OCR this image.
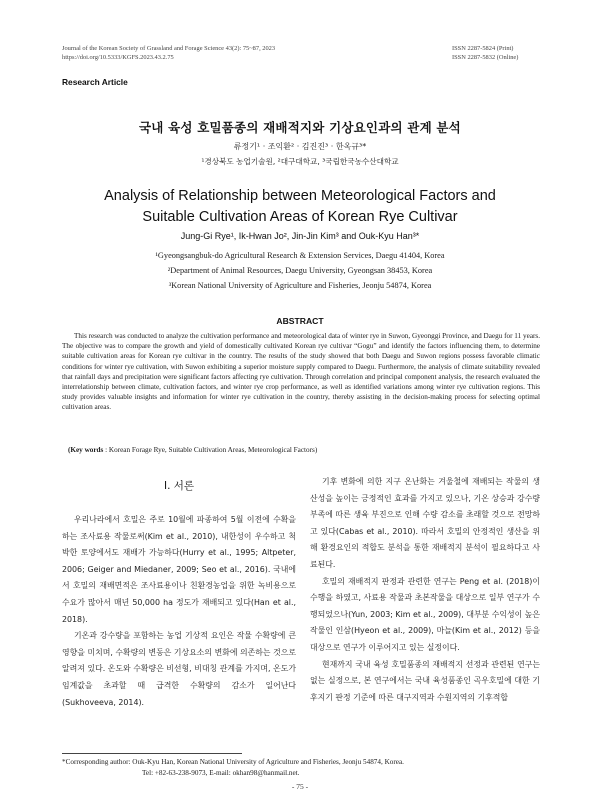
Journal of the Korean Society of Grassland and Forage Science 43(2): 75~87, 2023
https://doi.org/10.5333/KGFS.2023.43.2.75
ISSN 2287-5824 (Print)
ISSN 2287-5832 (Online)
Research Article
국내 육성 호밀품종의 재배적지와 기상요인과의 관계 분석
류정기¹ · 조익환² · 김진진³ · 한옥규³*
¹경상북도 농업기술원, ²대구대학교, ³국립한국농수산대학교
Analysis of Relationship between Meteorological Factors and
Suitable Cultivation Areas of Korean Rye Cultivar
Jung-Gi Rye¹, Ik-Hwan Jo², Jin-Jin Kim³ and Ouk-Kyu Han³*
¹Gyeongsangbuk-do Agricultural Research & Extension Services, Daegu 41404, Korea
²Department of Animal Resources, Daegu University, Gyeongsan 38453, Korea
³Korean National University of Agriculture and Fisheries, Jeonju 54874, Korea
ABSTRACT

This research was conducted to analyze the cultivation performance and meteorological data of winter rye in Suwon, Gyeonggi Province, and Daegu for 11 years. The objective was to compare the growth and yield of domestically cultivated Korean rye cultivar “Gogu” and identify the factors influencing them, to determine suitable cultivation areas for Korean rye cultivar in the country. The results of the study showed that both Daegu and Suwon regions possess favorable climatic conditions for winter rye cultivation, with Suwon exhibiting a superior moisture supply compared to Daegu. Furthermore, the analysis of climate suitability revealed that rainfall days and precipitation were significant factors affecting rye cultivation. Through correlation and principal component analysis, the research evaluated the interrelationship between climate, cultivation factors, and winter rye crop performance, as well as identified variations among winter rye cultivation regions. This study provides valuable insights and information for winter rye cultivation in the country, thereby assisting in the decision-making process for selecting optimal cultivation areas.

(Key words : Korean Forage Rye, Suitable Cultivation Areas, Meteorological Factors)
I. 서론

우리나라에서 호밀은 주로 10월에 파종하여 5월 이전에 수확을 하는 조사료용 작물로써(Kim et al., 2010), 내한성이 우수하고 척박한 토양에서도 재배가 가능하다(Hurry et al., 1995; Altpeter, 2006; Geiger and Miedaner, 2009; Seo et al., 2016). 국내에서 호밀의 재배면적은 조사료용이나 친환경농업을 위한 녹비용으로 수요가 많아서 매년 50,000 ha 정도가 재배되고 있다(Han et al., 2018).

기온과 강수량을 포함하는 농업 기상적 요인은 작물 수확량에 큰 영향을 미치며, 수확량의 변동은 기상요소의 변화에 의존하는 것으로 알려져 있다. 온도와 수확량은 비선형, 비대칭 관계를 가지며, 온도가 임계값을 초과할 때 급격한 수확량의 감소가 일어난다(Sukhoveeva, 2014).

기후 변화에 의한 지구 온난화는 겨울철에 재배되는 작물의 생산성을 높이는 긍정적인 효과를 가지고 있으나, 기온 상승과 강수량 부족에 따른 생육 부진으로 인해 수량 감소를 초래할 것으로 전망하고 있다(Cabas et al., 2010). 따라서 호밀의 안정적인 생산을 위해 환경요인의 적합도 분석을 통한 재배적지 분석이 필요하다고 사료된다.

호밀의 재배적지 판정과 관련한 연구는 Peng et al. (2018)이 수행을 하였고, 사료용 작물과 초본작물을 대상으로 일부 연구가 수행되었으나(Yun, 2003; Kim et al., 2009), 대부분 수익성이 높은 작물인 인삼(Hyeon et al., 2009), 마늘(Kim et al., 2012) 등을 대상으로 연구가 이루어지고 있는 실정이다.

현재까지 국내 육성 호밀품종의 재배적지 선정과 관련된 연구는 없는 실정으로, 본 연구에서는 국내 육성품종인 곡우호밀에 대한 기후지기 판정 기준에 따른 대구지역과 수원지역의 기후적합

*Corresponding author: Ouk-Kyu Han, Korean National University of Agriculture and Fisheries, Jeonju 54874, Korea.
Tel: +82-63-238-9073, E-mail: okhan98@hanmail.net.
- 75 -
